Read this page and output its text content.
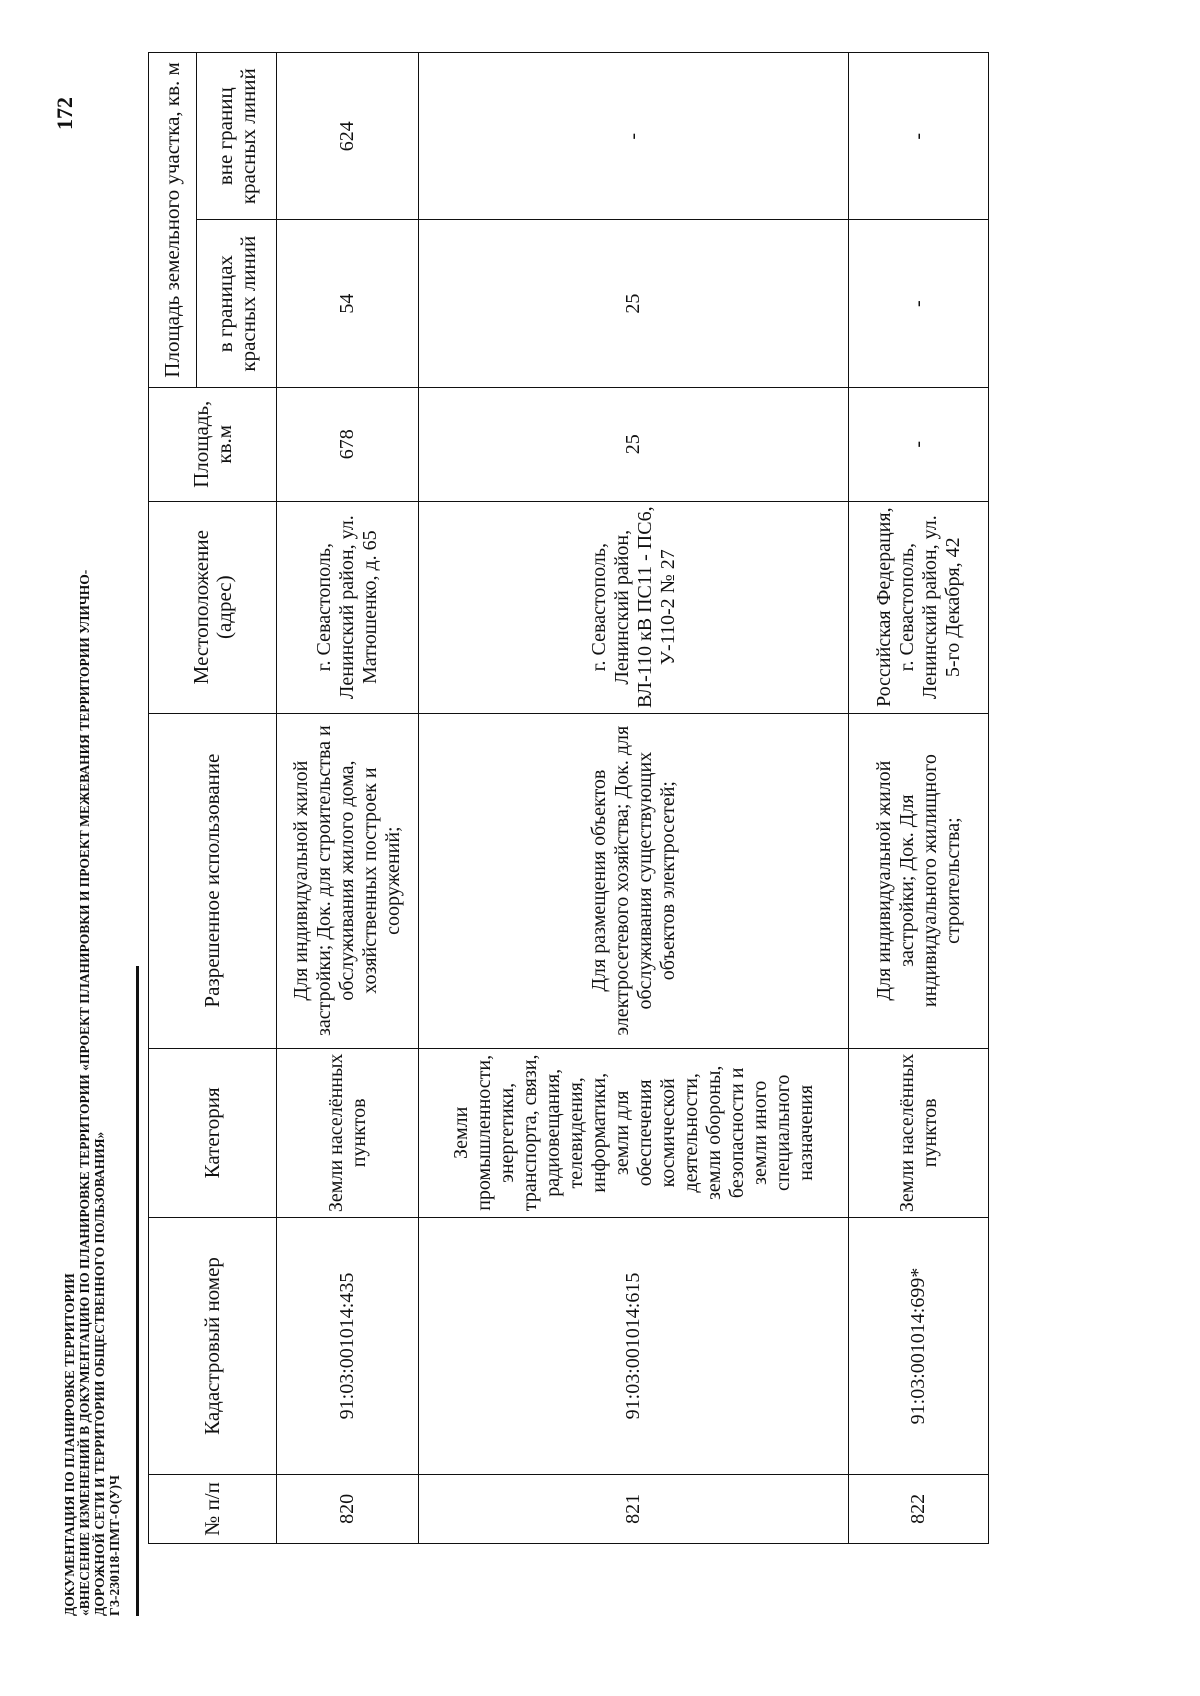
ДОКУМЕНТАЦИЯ ПО ПЛАНИРОВКЕ ТЕРРИТОРИИ «ВНЕСЕНИЕ ИЗМЕНЕНИЙ В ДОКУМЕНТАЦИЮ ПО ПЛАНИРОВКЕ ТЕРРИТОРИИ «ПРОЕКТ ПЛАНИРОВКИ И ПРОЕКТ МЕЖЕВАНИЯ ТЕРРИТОРИИ УЛИЧНО- ДОРОЖНОЙ СЕТИ И ТЕРРИТОРИИ ОБЩЕСТВЕННОГО ПОЛЬЗОВАНИЯ» ГЗ-230118-ПМТ-О(У)Ч
172
№ п/п	Кадастровый номер	Категория	Разрешенное использование	Местоположение (адрес)	Площадь, кв.м	Площадь земельного участка, кв. м	
						в границах красных линий	вне границ красных линий
820	91:03:001014:435	Земли населённых пунктов	Для индивидуальной жилой застройки; Док. для строительства и обслуживания жилого дома, хозяйственных построек и сооружений;	г. Севастополь, Ленинский район, ул. Матюшенко, д. 65	678	54	624
821	91:03:001014:615	Земли промышленности, энергетики, транспорта, связи, радиовещания, телевидения, информатики, земли для обеспечения космической деятельности, земли обороны, безопасности и земли иного специального назначения	Для размещения объектов электросетевого хозяйства; Док. для обслуживания существующих объектов электросетей;	г. Севастополь, Ленинский район, ВЛ-110 кВ ПС11 - ПС6, У-110-2 № 27	25	25	-
822	91:03:001014:699*	Земли населённых пунктов	Для индивидуальной жилой застройки; Док. Для индивидуального жилищного строительства;	Российская Федерация, г. Севастополь, Ленинский район, ул. 5-го Декабря, 42	-	-	-
